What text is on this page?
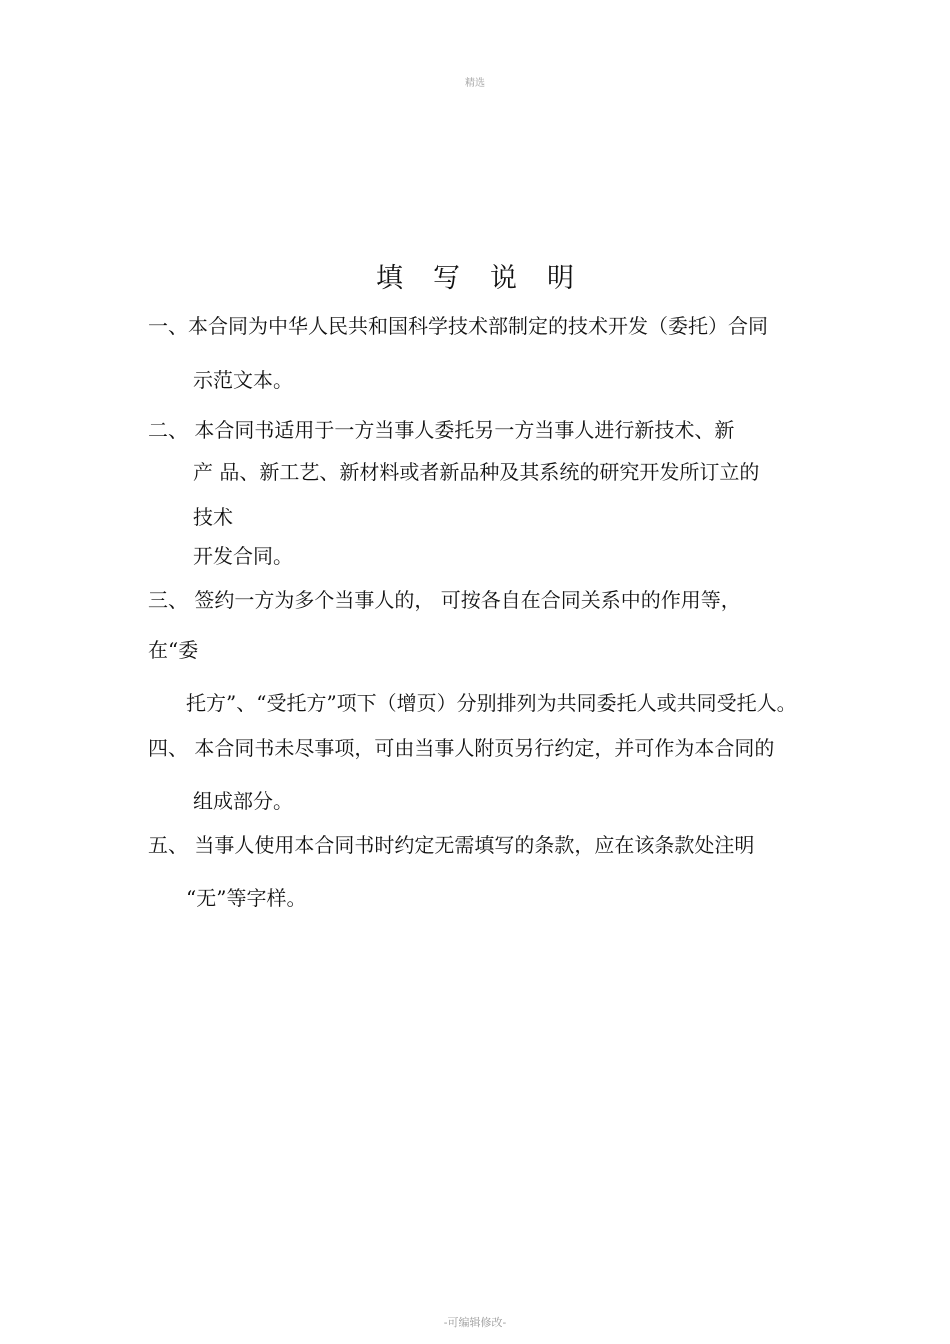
精选
填写说明
一、本合同为中华人民共和国科学技术部制定的技术开发（委托）合同
示范文本。
二、 本合同书适用于一方当事人委托另一方当事人进行新技术、新
产 品、新工艺、新材料或者新品种及其系统的研究开发所订立的
技术
开发合同。
三、 签约一方为多个当事人的， 可按各自在合同关系中的作用等，
在“委
托方”、“受托方”项下（增页）分别排列为共同委托人或共同受托人。
四、 本合同书未尽事项，可由当事人附页另行约定，并可作为本合同的
组成部分。
五、 当事人使用本合同书时约定无需填写的条款，应在该条款处注明
“无”等字样。
-可编辑修改-
